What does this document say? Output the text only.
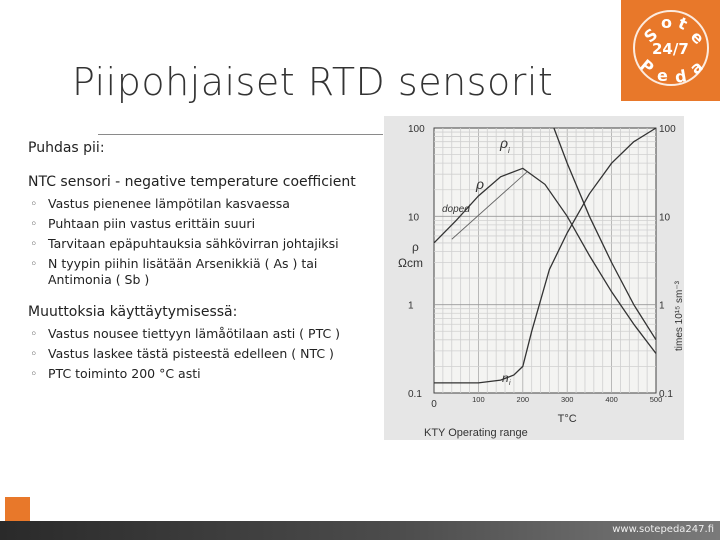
Piipohjaiset RTD sensorit
S
o t
e
24/7
P e d
a
Puhdas pii:
NTC sensori - negative temperature coefficient
◦ Vastus pienenee lämpötilan kasvaessa
◦ Puhtaan piin vastus erittäin suuri
◦ Tarvitaan epäpuhtauksia sähkövirran johtajiksi
◦ N tyypin piihin lisätään Arsenikkiä ( As ) tai Antimonia ( Sb )
Muuttoksia käyttäytymisessä:
◦ Vastus nousee tiettyyn lämåötilaan asti ( PTC )
◦ Vastus laskee tästä pisteestä edelleen ( NTC )
◦ PTC toiminto 200 °C asti
100
10
1
0.1
100
10
1
0.1
0	100	200	300	400	500
T°C
ρ
Ωcm
times 10¹⁵ sm⁻³
KTY Operating range
ρ i
ρ
doped
n i
www.sotepeda247.fi
